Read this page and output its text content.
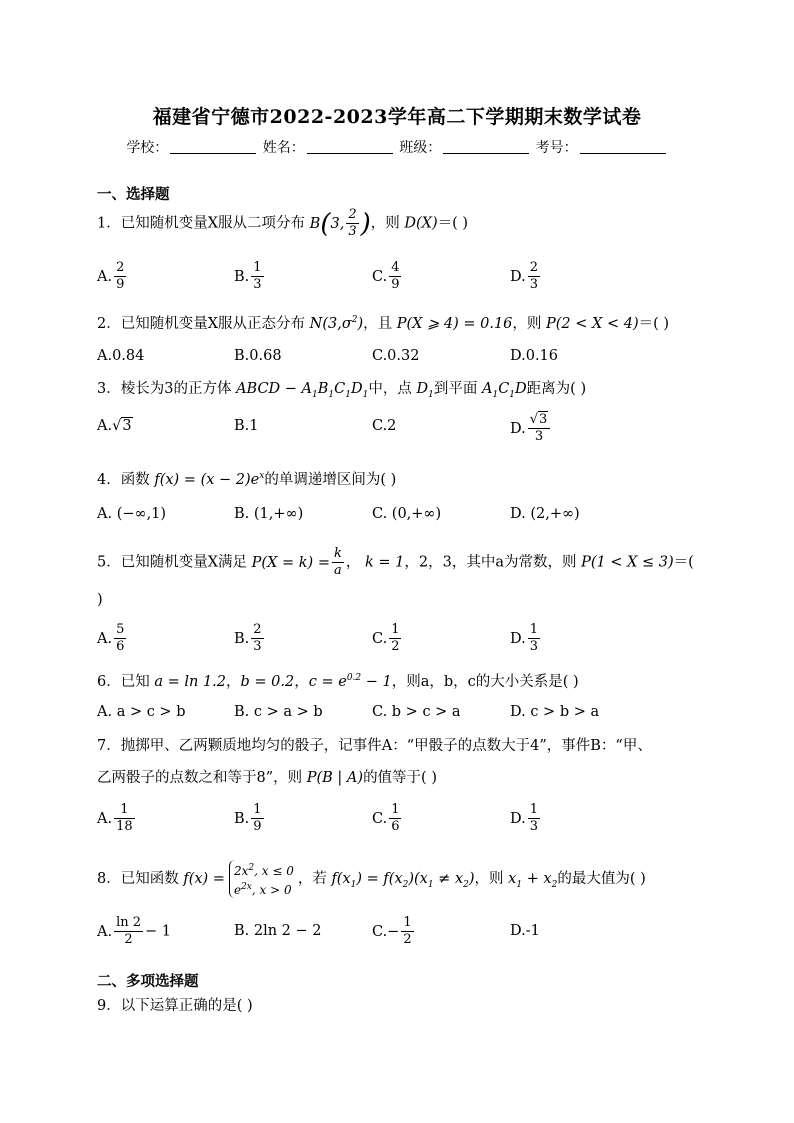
福建省宁德市2022-2023学年高二下学期期末数学试卷
学校：	姓名：	班级：	考号：
一、选择题
1．已知随机变量X服从二项分布 B(3, $\frac{2}{3}$ )，则 D(X)＝( )
A. $\frac{2}{9}$	B. $\frac{1}{3}$	C. $\frac{4}{9}$	D. $\frac{2}{3}$
2．已知随机变量X服从正态分布 $N(3,\sigma^2)$，且 P(X ⩾ 4) = 0.16，则 P(2 < X < 4)＝( )
A.0.84	B.0.68	C.0.32	D.0.16
3．棱长为3的正方体 ABCD − $A_1B_1C_1D_1$中，点 $D_1$到平面 $A_1C_1D$距离为( )
A.√3	B.1	C.2	D. $\frac{√3}{3}$
4．函数 $f(x) = (x - 2)e^x$的单调递增区间为( )
A. (−∞,1)	B. (1,+∞)	C. (0,+∞)	D. (2,+∞)
5．已知随机变量X满足 $P(X = k) = \frac{k}{a}$ ， k = 1，2，3，其中a为常数，则 P(1 < X ≤ 3)＝(
)
A. $\frac{5}{6}$	B. $\frac{2}{3}$	C. $\frac{1}{2}$	D. $\frac{1}{3}$
6．已知 a = ln 1.2，b = 0.2，$c = e^{0.2} - 1$，则a，b，c的大小关系是( )
A. a > c > b	B. c > a > b	C. b > c > a	D. c > b > a
7．抛掷甲、乙两颗质地均匀的骰子，记事件A：“甲骰子的点数大于4”，事件B：“甲、
乙两骰子的点数之和等于8”，则 P(B | A)的值等于( )
A. $\frac{1}{18}$	B. $\frac{1}{9}$	C. $\frac{1}{6}$	D. $\frac{1}{3}$
8．已知函数 $f(x) = 2x^2$, x ≤ 0
$e^{2x}$, x > 0，若 $f(x_1) = f(x_2)(x_1 \ne x_2)$，则 $x_1 + x_2$的最大值为( )
A. $\frac{\ln 2}{2} - 1$	B. 2ln 2 − 2	$C.- \frac{1}{2}$	D.-1
二、多项选择题
9．以下运算正确的是( )
